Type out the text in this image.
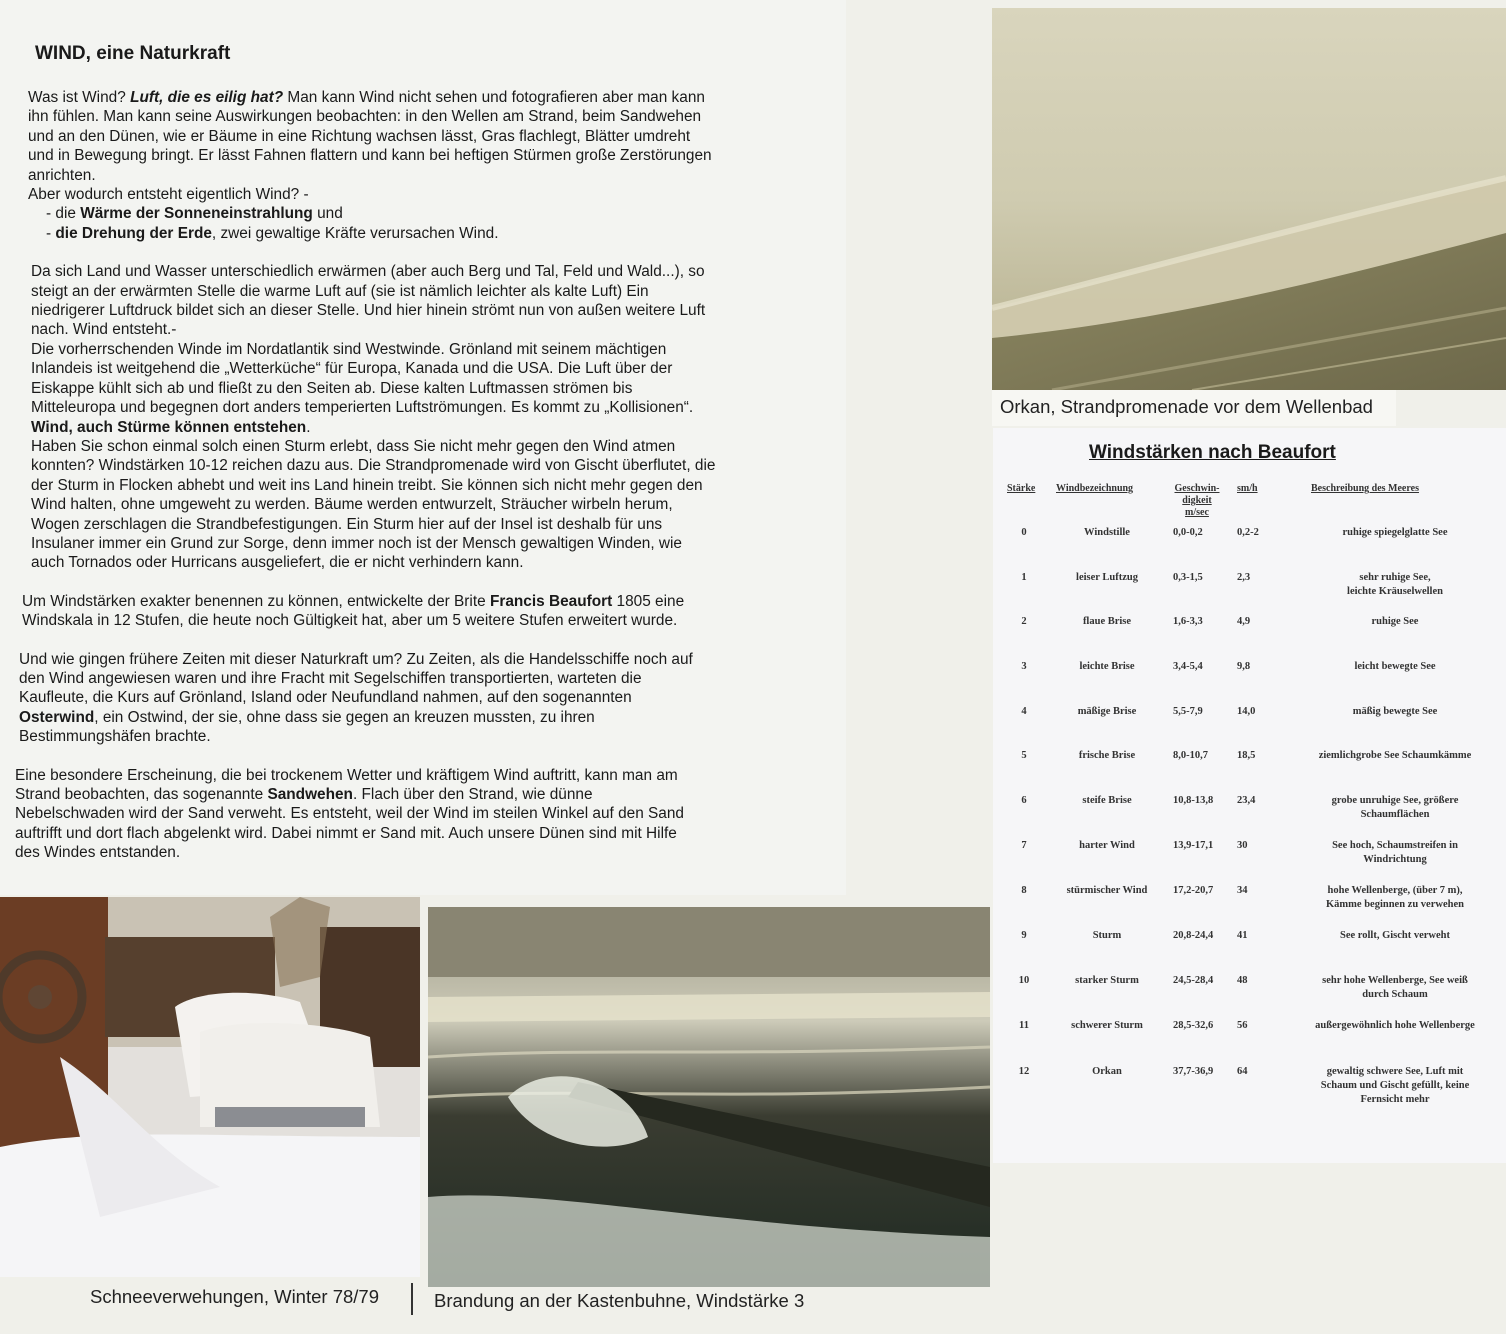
WIND, eine Naturkraft

Was ist Wind? Luft, die es eilig hat? Man kann Wind nicht sehen und fotografieren aber man kann
ihn fühlen. Man kann seine Auswirkungen beobachten: in den Wellen am Strand, beim Sandwehen
und an den Dünen, wie er Bäume in eine Richtung wachsen lässt, Gras flachlegt, Blätter umdreht
und in Bewegung bringt. Er lässt Fahnen flattern und kann bei heftigen Stürmen große Zerstörungen
anrichten.
Aber wodurch entsteht eigentlich Wind? -
- die Wärme der Sonneneinstrahlung und
- die Drehung der Erde, zwei gewaltige Kräfte verursachen Wind.

Da sich Land und Wasser unterschiedlich erwärmen (aber auch Berg und Tal, Feld und Wald...), so
steigt an der erwärmten Stelle die warme Luft auf (sie ist nämlich leichter als kalte Luft) Ein
niedrigerer Luftdruck bildet sich an dieser Stelle. Und hier hinein strömt nun von außen weitere Luft
nach. Wind entsteht.-
Die vorherrschenden Winde im Nordatlantik sind Westwinde. Grönland mit seinem mächtigen
Inlandeis ist weitgehend die „Wetterküche“ für Europa, Kanada und die USA. Die Luft über der
Eiskappe kühlt sich ab und fließt zu den Seiten ab. Diese kalten Luftmassen strömen bis
Mitteleuropa und begegnen dort anders temperierten Luftströmungen. Es kommt zu „Kollisionen“.
Wind, auch Stürme können entstehen.
Haben Sie schon einmal solch einen Sturm erlebt, dass Sie nicht mehr gegen den Wind atmen
konnten? Windstärken 10-12 reichen dazu aus. Die Strandpromenade wird von Gischt überflutet, die
der Sturm in Flocken abhebt und weit ins Land hinein treibt. Sie können sich nicht mehr gegen den
Wind halten, ohne umgeweht zu werden. Bäume werden entwurzelt, Sträucher wirbeln herum,
Wogen zerschlagen die Strandbefestigungen. Ein Sturm hier auf der Insel ist deshalb für uns
Insulaner immer ein Grund zur Sorge, denn immer noch ist der Mensch gewaltigen Winden, wie
auch Tornados oder Hurricans ausgeliefert, die er nicht verhindern kann.

Um Windstärken exakter benennen zu können, entwickelte der Brite Francis Beaufort 1805 eine
Windskala in 12 Stufen, die heute noch Gültigkeit hat, aber um 5 weitere Stufen erweitert wurde.

Und wie gingen frühere Zeiten mit dieser Naturkraft um? Zu Zeiten, als die Handelsschiffe noch auf
den Wind angewiesen waren und ihre Fracht mit Segelschiffen transportierten, warteten die
Kaufleute, die Kurs auf Grönland, Island oder Neufundland nahmen, auf den sogenannten
Osterwind, ein Ostwind, der sie, ohne dass sie gegen an kreuzen mussten, zu ihren
Bestimmungshäfen brachte.

Eine besondere Erscheinung, die bei trockenem Wetter und kräftigem Wind auftritt, kann man am
Strand beobachten, das sogenannte Sandwehen. Flach über den Strand, wie dünne
Nebelschwaden wird der Sand verweht. Es entsteht, weil der Wind im steilen Winkel auf den Sand
auftrifft und dort flach abgelenkt wird. Dabei nimmt er Sand mit. Auch unsere Dünen sind mit Hilfe
des Windes entstanden.

Orkan, Strandpromenade vor dem Wellenbad
Windstärken nach Beaufort
Stärke Windbezeichnung	Geschwin-
digkeit
m/sec
sm/h	Beschreibung des Meeres
0	Windstille	0,0-0,2	0,2-2	ruhige spiegelglatte See
1	leiser Luftzug	0,3-1,5	2,3	sehr ruhige See,
leichte Kräuselwellen
2	flaue Brise	1,6-3,3	4,9	ruhige See
3	leichte Brise	3,4-5,4	9,8	leicht bewegte See
4	mäßige Brise	5,5-7,9	14,0	mäßig bewegte See
5	frische Brise	8,0-10,7	18,5	ziemlichgrobe See Schaumkämme
6	steife Brise	10,8-13,8	23,4	grobe unruhige See, größere
Schaumflächen
7	harter Wind	13,9-17,1	30	See hoch, Schaumstreifen in
Windrichtung
8	stürmischer Wind	17,2-20,7	34	hohe Wellenberge, (über 7 m),
Kämme beginnen zu verwehen
9	Sturm	20,8-24,4	41	See rollt, Gischt verweht
10	starker Sturm	24,5-28,4	48	sehr hohe Wellenberge, See weiß
durch Schaum
11	schwerer Sturm	28,5-32,6	56	außergewöhnlich hohe Wellenberge
12	Orkan	37,7-36,9	64	gewaltig schwere See, Luft mit
Schaum und Gischt gefüllt, keine
Fernsicht mehr
Schneeverwehungen, Winter 78/79	Brandung an der Kastenbuhne, Windstärke 3
